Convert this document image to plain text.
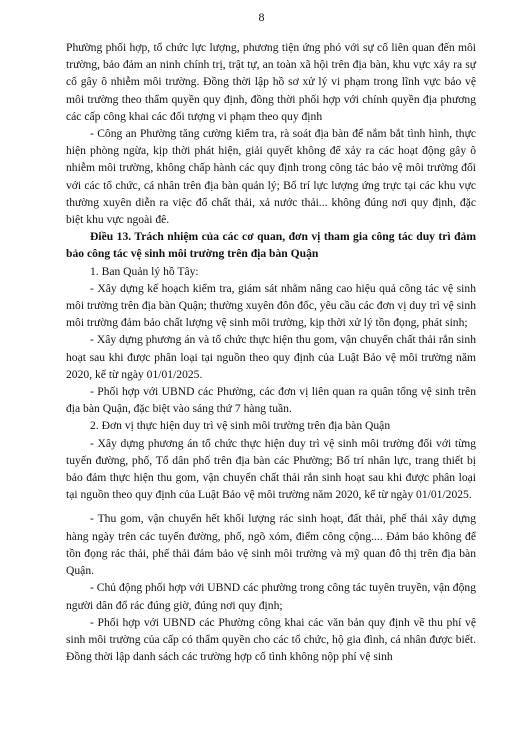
8

Phường phối hợp, tổ chức lực lượng, phương tiện ứng phó với sự cố liên quan đến môi trường, bảo đảm an ninh chính trị, trật tự, an toàn xã hội trên địa bàn, khu vực xảy ra sự cố gây ô nhiễm môi trường. Đồng thời lập hồ sơ xử lý vi phạm trong lĩnh vực bảo vệ môi trường theo thẩm quyền quy định, đồng thời phối hợp với chính quyền địa phương các cấp công khai các đối tượng vi phạm theo quy định

- Công an Phường tăng cường kiểm tra, rà soát địa bàn để nắm bắt tình hình, thực hiện phòng ngừa, kịp thời phát hiện, giải quyết không để xảy ra các hoạt động gây ô nhiễm môi trường, không chấp hành các quy định trong công tác bảo vệ môi trường đối với các tổ chức, cá nhân trên địa bàn quản lý; Bố trí lực lượng ứng trực tại các khu vực thường xuyên diễn ra việc đổ chất thải, xả nước thải... không đúng nơi quy định, đặc biệt khu vực ngoài đê.

Điều 13. Trách nhiệm của các cơ quan, đơn vị tham gia công tác duy trì đảm bảo công tác vệ sinh môi trường trên địa bàn Quận

1. Ban Quản lý hồ Tây:

- Xây dựng kế hoạch kiểm tra, giám sát nhằm nâng cao hiệu quả công tác vệ sinh môi trường trên địa bàn Quận; thường xuyên đôn đốc, yêu cầu các đơn vị duy trì vệ sinh môi trường đảm bảo chất lượng vệ sinh môi trường, kịp thời xử lý tồn đọng, phát sinh;

- Xây dựng phương án và tổ chức thực hiện thu gom, vận chuyển chất thải rắn sinh hoạt sau khi được phân loại tại nguồn theo quy định của Luật Bảo vệ môi trường năm 2020, kể từ ngày 01/01/2025.

- Phối hợp với UBND các Phường, các đơn vị liên quan ra quân tổng vệ sinh trên địa bàn Quận, đặc biệt vào sáng thứ 7 hàng tuần.

2. Đơn vị thực hiện duy trì vệ sinh môi trường trên địa bàn Quận

- Xây dựng phương án tổ chức thực hiện duy trì vệ sinh môi trường đối với từng tuyến đường, phố, Tổ dân phố trên địa bàn các Phường; Bố trí nhân lực, trang thiết bị bảo đảm thực hiện thu gom, vận chuyển chất thải rắn sinh hoạt sau khi được phân loại tại nguồn theo quy định của Luật Bảo vệ môi trường năm 2020, kể từ ngày 01/01/2025.

- Thu gom, vận chuyển hết khối lượng rác sinh hoạt, đất thải, phế thải xây dựng hàng ngày trên các tuyến đường, phố, ngõ xóm, điểm công cộng.... Đảm bảo không để tồn đọng rác thải, phế thải đảm bảo vệ sinh môi trường và mỹ quan đô thị trên địa bàn Quận.

- Chủ động phối hợp với UBND các phường trong công tác tuyên truyền, vận động người dân đổ rác đúng giờ, đúng nơi quy định;

- Phối hợp với UBND các Phường công khai các văn bản quy định về thu phí vệ sinh môi trường của cấp có thẩm quyền cho các tổ chức, hộ gia đình, cá nhân được biết. Đồng thời lập danh sách các trường hợp cố tình không nộp phí vệ sinh
